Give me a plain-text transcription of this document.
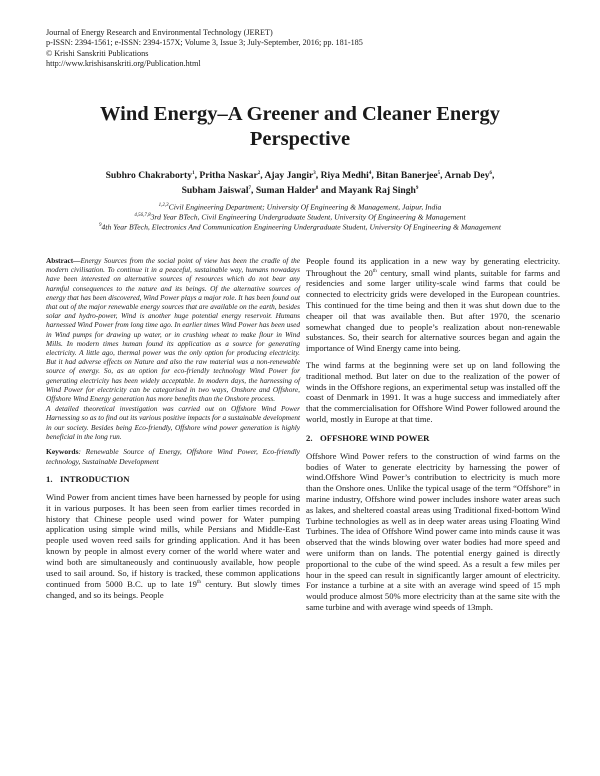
Journal of Energy Research and Environmental Technology (JERET)
p-ISSN: 2394-1561; e-ISSN: 2394-157X; Volume 3, Issue 3; July-September, 2016; pp. 181-185
© Krishi Sanskriti Publications
http://www.krishisanskriti.org/Publication.html
Wind Energy–A Greener and Cleaner Energy
Perspective
Subhro Chakraborty$^1$, Pritha Naskar$^2$, Ajay Jangir$^3$, Riya Medhi$^4$, Bitan Banerjee$^5$, Arnab Dey$^6$,
Subham Jaiswal$^7$, Suman Halder$^8$ and Mayank Raj Singh$^9$
$^{1,2,3}$Civil Engineering Department; University Of Engineering & Management, Jaipur, India
$^{4,56,7,8}$3rd Year BTech, Civil Engineering Undergraduate Student, University Of Engineering & Management
$^9$4th Year BTech, Electronics And Communication Engineering Undergraduate Student, University Of Engineering & Management

Abstract—Energy Sources from the social point of view has been the cradle of the modern civilisation. To continue it in a peaceful, sustainable way, humans nowadays have been interested on alternative sources of resources which do not bear any harmful consequences to the nature and its beings. Of the alternative sources of energy that has been discovered, Wind Power plays a major role. It has been found out that out of the major renewable energy sources that are available on the earth, besides solar and hydro-power, Wind is another huge potential energy reservoir. Humans harnessed Wind Power from long time ago. In earlier times Wind Power has been used in Wind pumps for drawing up water, or in crushing wheat to make flour in Wind Mills. In modern times human found its application as a source for generating electricity. A little ago, thermal power was the only option for producing electricity. But it had adverse effects on Nature and also the raw material was a non-renewable source of energy. So, as an option for eco-friendly technology Wind Power for generating electricity has been widely acceptable. In modern days, the harnessing of Wind Power for electricity can be categorised in two ways, Onshore and Offshore, Offshore Wind Energy generation has more benefits than the Onshore process.

A detailed theoretical investigation was carried out on Offshore Wind Power Harnessing so as to find out its various positive impacts for a sustainable development in our society. Besides being Eco-friendly, Offshore wind power generation is highly beneficial in the long run.

Keywords: Renewable Source of Energy, Offshore Wind Power, Eco-friendly technology, Sustainable Development

1. INTRODUCTION

Wind Power from ancient times have been harnessed by people for using it in various purposes. It has been seen from earlier times recorded in history that Chinese people used wind power for Water pumping application using simple wind mills, while Persians and Middle-East people used woven reed sails for grinding application. And it has been known by people in almost every corner of the world where water and wind both are simultaneously and continuously available, how people used to sail around. So, if history is tracked, these common applications continued from 5000 B.C. up to late 19th century. But slowly times changed, and so its beings. People

People found its application in a new way by generating electricity. Throughout the 20th century, small wind plants, suitable for farms and residencies and some larger utility-scale wind farms that could be connected to electricity grids were developed in the European countries. This continued for the time being and then it was shut down due to the cheaper oil that was available then. But after 1970, the scenario somewhat changed due to people’s realization about non-renewable substances. So, their search for alternative sources began and again the importance of Wind Energy came into being.

The wind farms at the beginning were set up on land following the traditional method. But later on due to the realization of the power of winds in the Offshore regions, an experimental setup was installed off the coast of Denmark in 1991. It was a huge success and immediately after that the commercialisation for Offshore Wind Power followed around the world, mostly in Europe at that time.

2. OFFSHORE WIND POWER

Offshore Wind Power refers to the construction of wind farms on the bodies of Water to generate electricity by harnessing the power of wind.Offshore Wind Power’s contribution to electricity is much more than the Onshore ones. Unlike the typical usage of the term “Offshore” in marine industry, Offshore wind power includes inshore water areas such as lakes, and sheltered coastal areas using Traditional fixed-bottom Wind Turbine technologies as well as in deep water areas using Floating Wind Turbines. The idea of Offshore Wind power came into minds cause it was observed that the winds blowing over water bodies had more speed and were uniform than on lands. The potential energy gained is directly proportional to the cube of the wind speed. As a result a few miles per hour in the speed can result in significantly larger amount of electricity. For instance a turbine at a site with an average wind speed of 15 mph would produce almost 50% more electricity than at the same site with the same turbine and with average wind speeds of 13mph.
